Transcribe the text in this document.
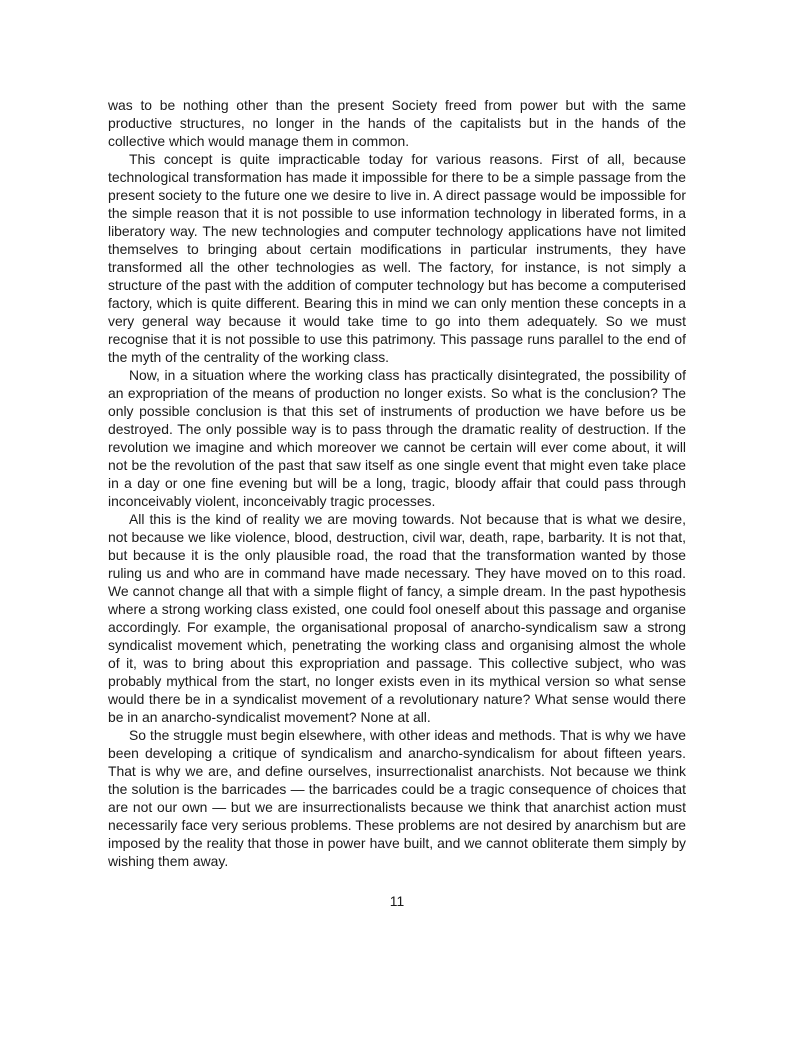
was to be nothing other than the present Society freed from power but with the same productive structures, no longer in the hands of the capitalists but in the hands of the collective which would manage them in common.

This concept is quite impracticable today for various reasons. First of all, because technological transformation has made it impossible for there to be a simple passage from the present society to the future one we desire to live in. A direct passage would be impossible for the simple reason that it is not possible to use information technology in liberated forms, in a liberatory way. The new technologies and computer technology applications have not limited themselves to bringing about certain modifications in particular instruments, they have transformed all the other technologies as well. The factory, for instance, is not simply a structure of the past with the addition of computer technology but has become a computerised factory, which is quite different. Bearing this in mind we can only mention these concepts in a very general way because it would take time to go into them adequately. So we must recognise that it is not possible to use this patrimony. This passage runs parallel to the end of the myth of the centrality of the working class.

Now, in a situation where the working class has practically disintegrated, the possibility of an expropriation of the means of production no longer exists. So what is the conclusion? The only possible conclusion is that this set of instruments of production we have before us be destroyed. The only possible way is to pass through the dramatic reality of destruction. If the revolution we imagine and which moreover we cannot be certain will ever come about, it will not be the revolution of the past that saw itself as one single event that might even take place in a day or one fine evening but will be a long, tragic, bloody affair that could pass through inconceivably violent, inconceivably tragic processes.

All this is the kind of reality we are moving towards. Not because that is what we desire, not because we like violence, blood, destruction, civil war, death, rape, barbarity. It is not that, but because it is the only plausible road, the road that the transformation wanted by those ruling us and who are in command have made necessary. They have moved on to this road. We cannot change all that with a simple flight of fancy, a simple dream. In the past hypothesis where a strong working class existed, one could fool oneself about this passage and organise accordingly. For example, the organisational proposal of anarcho-syndicalism saw a strong syndicalist movement which, penetrating the working class and organising almost the whole of it, was to bring about this expropriation and passage. This collective subject, who was probably mythical from the start, no longer exists even in its mythical version so what sense would there be in a syndicalist movement of a revolutionary nature? What sense would there be in an anarcho-syndicalist movement? None at all.

So the struggle must begin elsewhere, with other ideas and methods. That is why we have been developing a critique of syndicalism and anarcho-syndicalism for about fifteen years. That is why we are, and define ourselves, insurrectionalist anarchists. Not because we think the solution is the barricades — the barricades could be a tragic consequence of choices that are not our own — but we are insurrectionalists because we think that anarchist action must necessarily face very serious problems. These problems are not desired by anarchism but are imposed by the reality that those in power have built, and we cannot obliterate them simply by wishing them away.

11
